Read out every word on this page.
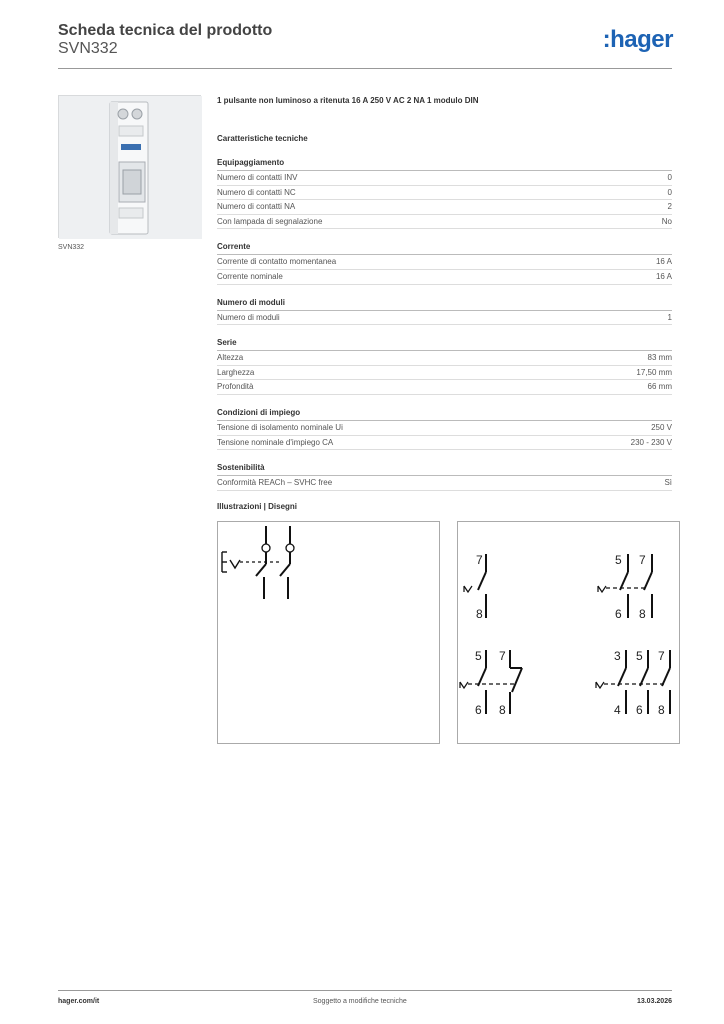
Scheda tecnica del prodotto
SVN332	:hager
SVN332
1 pulsante non luminoso a ritenuta 16 A 250 V AC 2 NA 1 modulo DIN
Caratteristiche tecniche
Equipaggiamento
Numero di contatti INV	0
Numero di contatti NC	0
Numero di contatti NA	2
Con lampada di segnalazione	No
Corrente
Corrente di contatto momentanea	16 A
Corrente nominale	16 A
Numero di moduli
Numero di moduli	1
Serie
Altezza	83 mm
Larghezza	17,50 mm
Profondità	66 mm
Condizioni di impiego
Tensione di isolamento nominale Ui	250 V
Tensione nominale d'impiego CA	230 - 230 V
Sostenibilità
Conformità REACh – SVHC free	Sì
Illustrazioni | Disegni
7
8
5 7
6 8
5 7
6 8
3 5 7
4 6 8
hager.com/it	Soggetto a modifiche tecniche	13.03.2026
